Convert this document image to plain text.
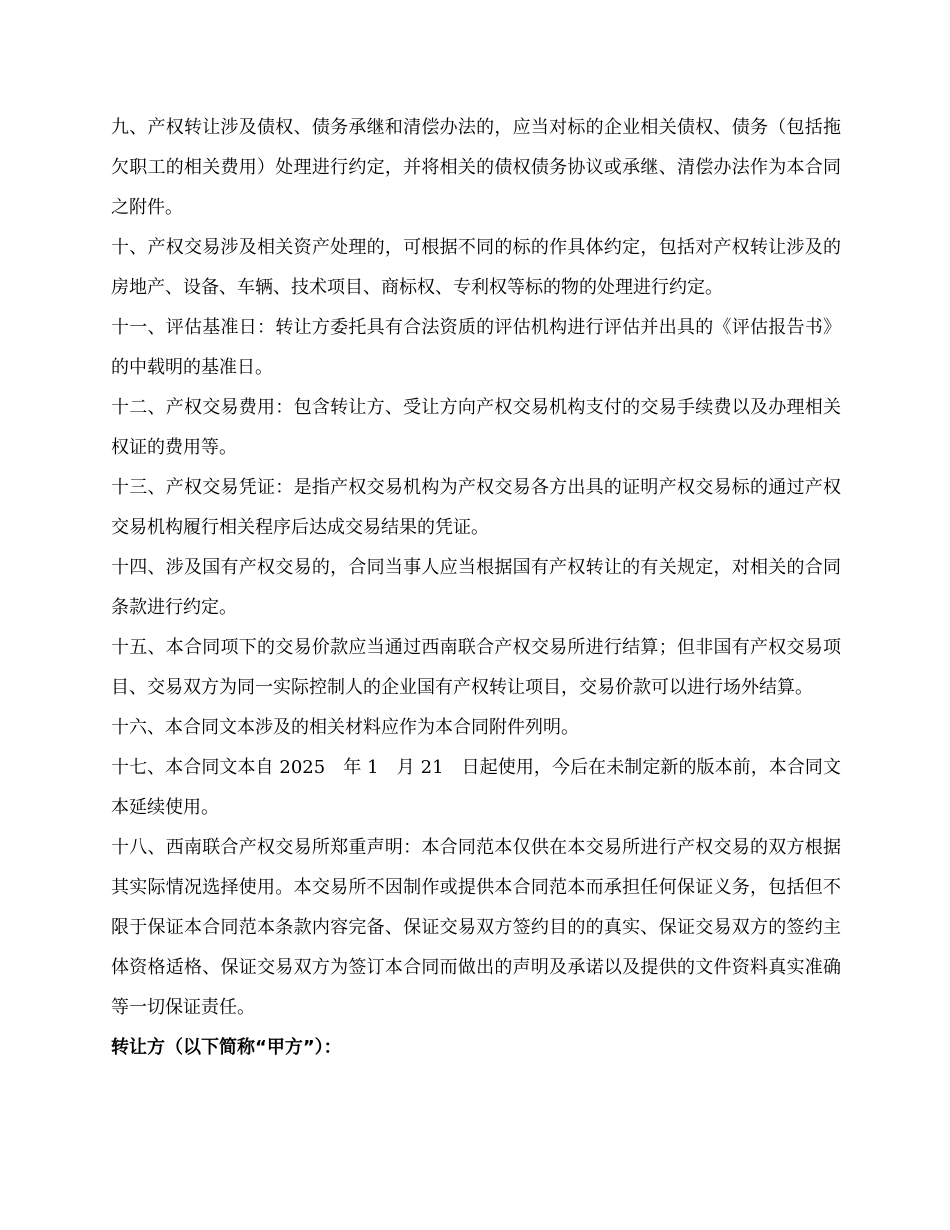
九、产权转让涉及债权、债务承继和清偿办法的，应当对标的企业相关债权、债务（包括拖欠职工的相关费用）处理进行约定，并将相关的债权债务协议或承继、清偿办法作为本合同之附件。

十、产权交易涉及相关资产处理的，可根据不同的标的作具体约定，包括对产权转让涉及的房地产、设备、车辆、技术项目、商标权、专利权等标的物的处理进行约定。

十一、评估基准日：转让方委托具有合法资质的评估机构进行评估并出具的《评估报告书》的中载明的基准日。

十二、产权交易费用：包含转让方、受让方向产权交易机构支付的交易手续费以及办理相关权证的费用等。

十三、产权交易凭证：是指产权交易机构为产权交易各方出具的证明产权交易标的通过产权交易机构履行相关程序后达成交易结果的凭证。

十四、涉及国有产权交易的，合同当事人应当根据国有产权转让的有关规定，对相关的合同条款进行约定。

十五、本合同项下的交易价款应当通过西南联合产权交易所进行结算；但非国有产权交易项目、交易双方为同一实际控制人的企业国有产权转让项目，交易价款可以进行场外结算。

十六、本合同文本涉及的相关材料应作为本合同附件列明。

十七、本合同文本自 2025　年 1　月 21　日起使用，今后在未制定新的版本前，本合同文本延续使用。

十八、西南联合产权交易所郑重声明：本合同范本仅供在本交易所进行产权交易的双方根据其实际情况选择使用。本交易所不因制作或提供本合同范本而承担任何保证义务，包括但不限于保证本合同范本条款内容完备、保证交易双方签约目的的真实、保证交易双方的签约主体资格适格、保证交易双方为签订本合同而做出的声明及承诺以及提供的文件资料真实准确等一切保证责任。

转让方（以下简称“甲方”）：
